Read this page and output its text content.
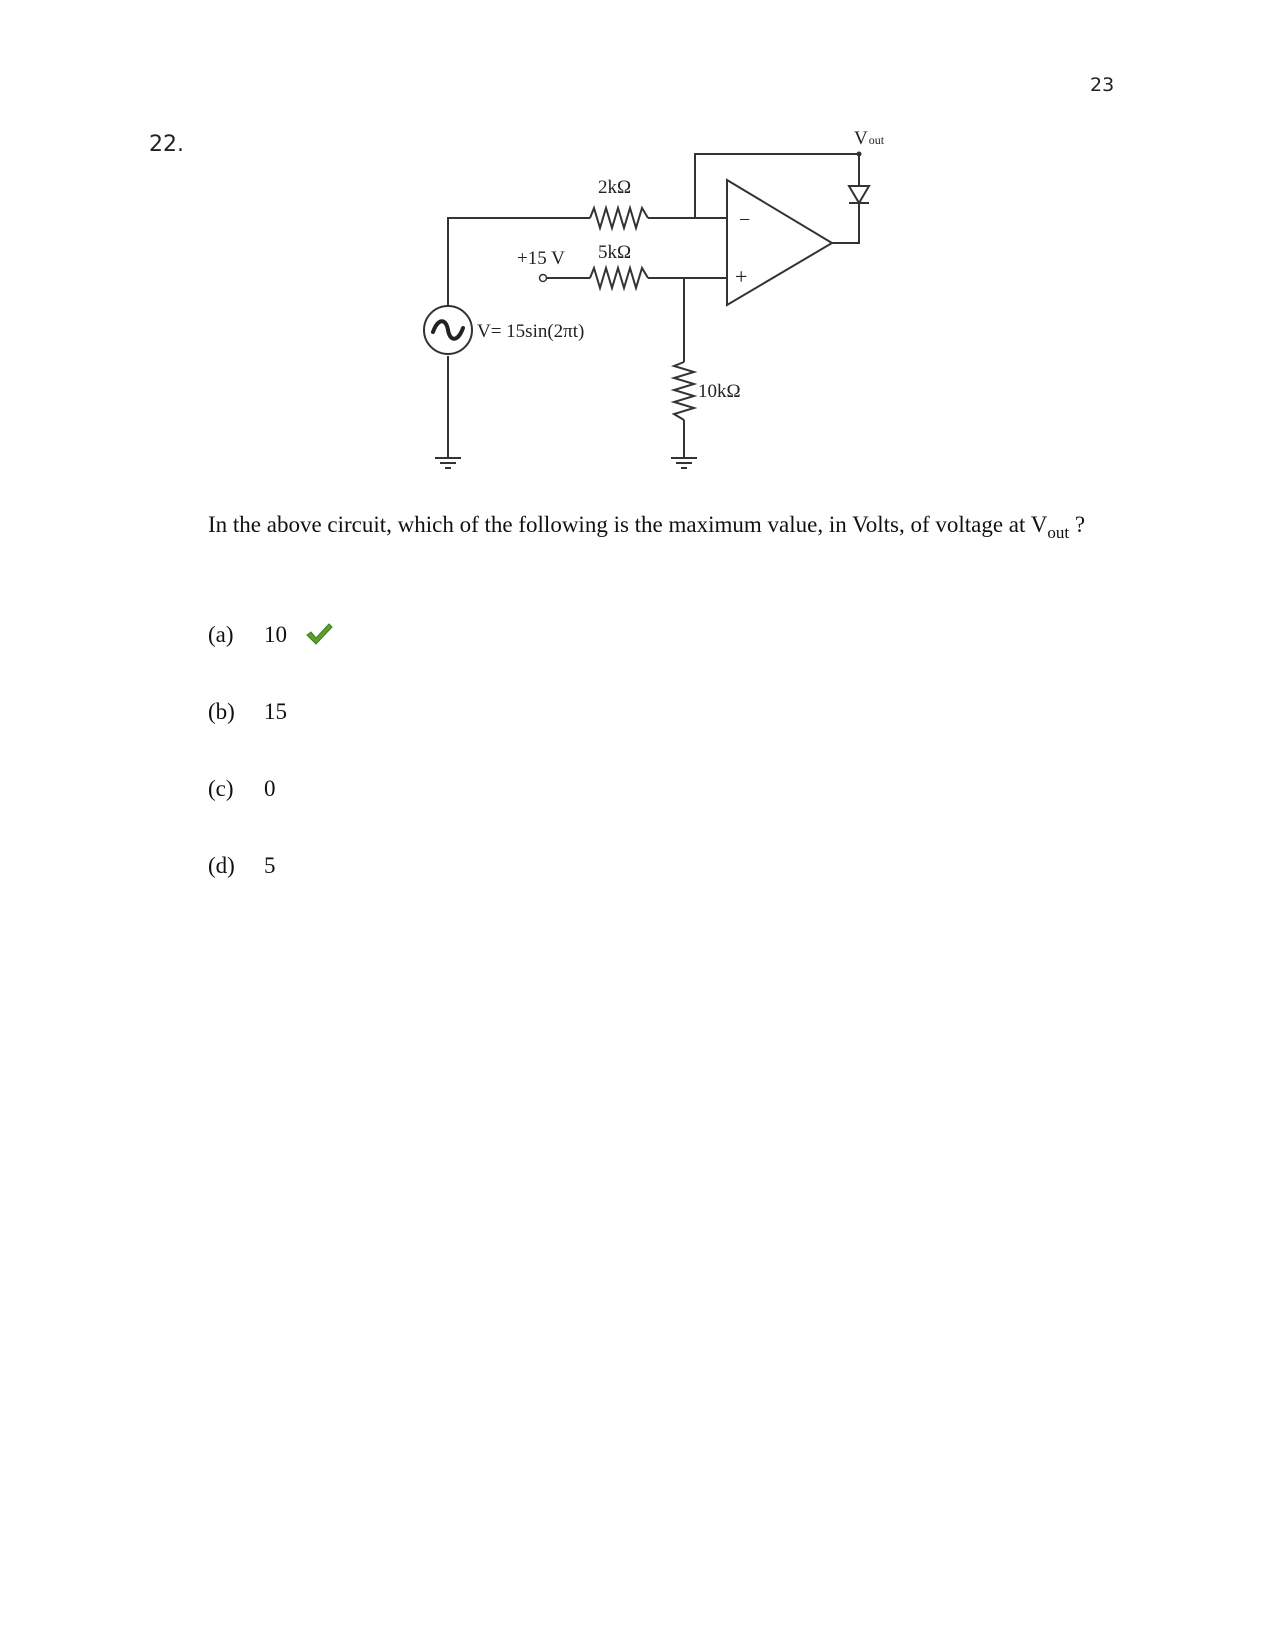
23
22.
−
+
2kΩ
5kΩ
+15 V
V= 15sin(2πt)
10kΩ
Vout
In the above circuit, which of the following is the maximum value, in Volts, of voltage at $V_{out}$ ?
(a) 10
(b) 15
(c) 0
(d) 5
